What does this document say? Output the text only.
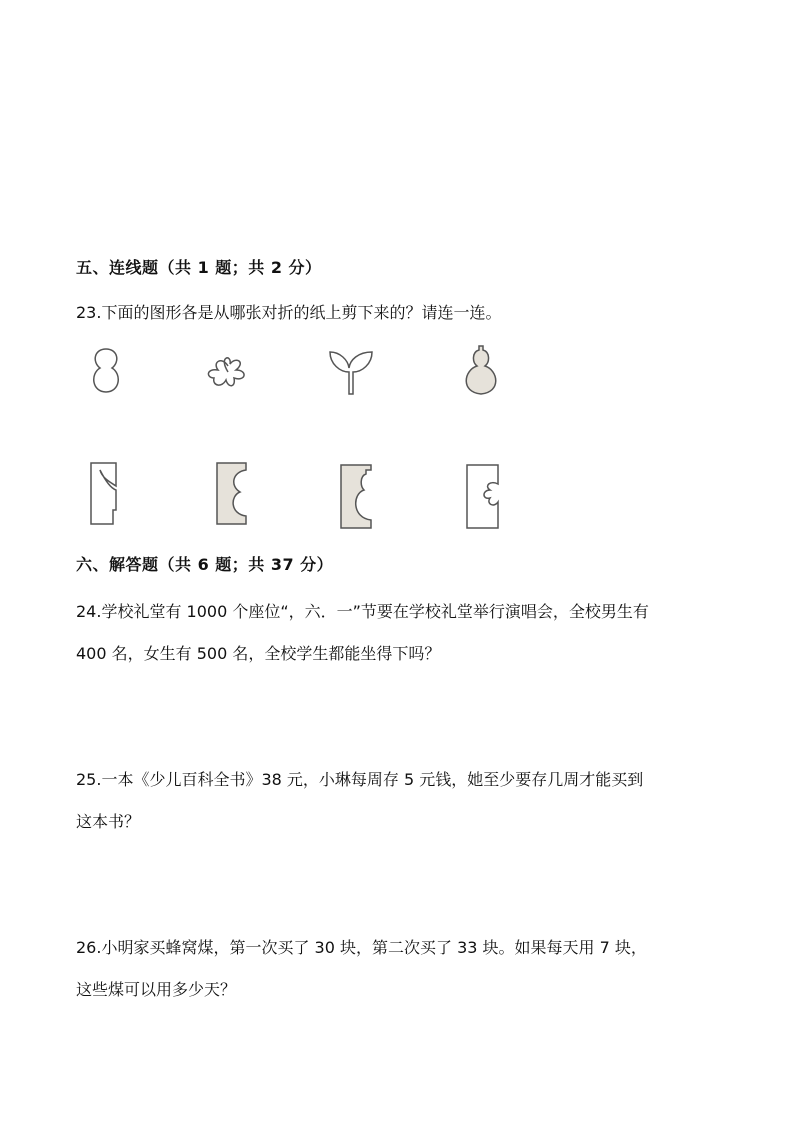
五、连线题（共 1 题；共 2 分）
23.下面的图形各是从哪张对折的纸上剪下来的？请连一连。
六、解答题（共 6 题；共 37 分）
24.学校礼堂有 1000 个座位“，六．一”节要在学校礼堂举行演唱会，全校男生有
400 名，女生有 500 名，全校学生都能坐得下吗？
25.一本《少儿百科全书》38 元，小琳每周存 5 元钱，她至少要存几周才能买到
这本书？
26.小明家买蜂窝煤，第一次买了 30 块，第二次买了 33 块。如果每天用 7 块，
这些煤可以用多少天？
